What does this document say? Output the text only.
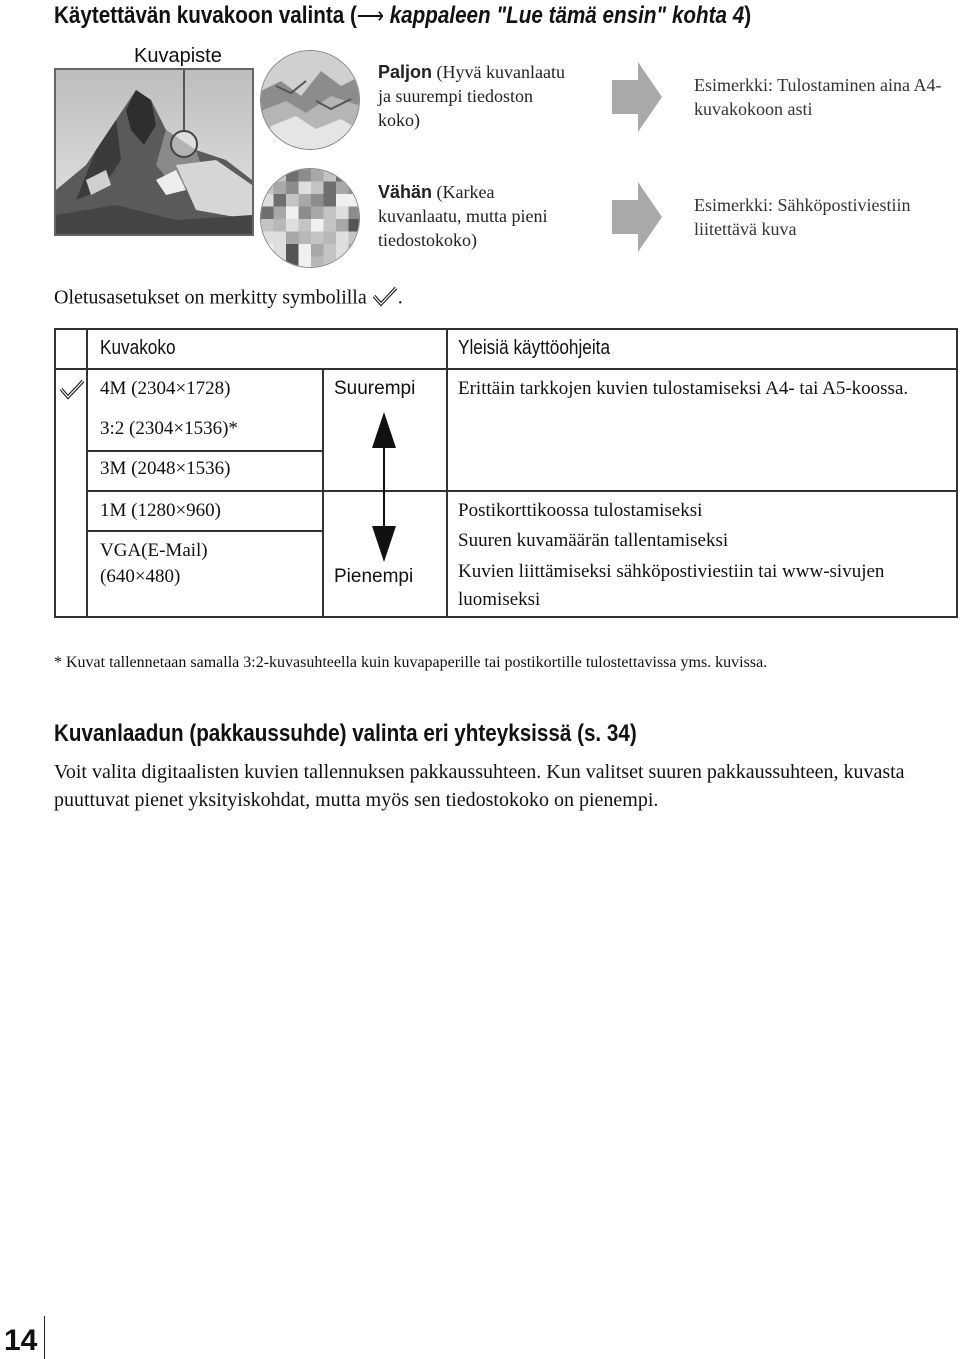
Käytettävän kuvakoon valinta (⟶ kappaleen "Lue tämä ensin" kohta 4)
Kuvapiste
Paljon (Hyvä kuvanlaatu ja suurempi tiedoston koko)
Vähän (Karkea kuvanlaatu, mutta pieni tiedostokoko)
Esimerkki: Tulostaminen aina A4-kuvakokoon asti
Esimerkki: Sähköpostiviestiin liitettävä kuva
Oletusasetukset on merkitty symbolilla .
Kuvakoko	Yleisiä käyttöohjeita
4M (2304×1728)
3:2 (2304×1536)*
3M (2048×1536)
1M (1280×960)
VGA(E-Mail)
(640×480)
Suurempi
Pienempi
Erittäin tarkkojen kuvien tulostamiseksi A4- tai A5-koossa.
Postikorttikoossa tulostamiseksi
Suuren kuvamäärän tallentamiseksi
Kuvien liittämiseksi sähköpostiviestiin tai www-sivujen luomiseksi
* Kuvat tallennetaan samalla 3:2-kuvasuhteella kuin kuvapaperille tai postikortille tulostettavissa yms. kuvissa.
Kuvanlaadun (pakkaussuhde) valinta eri yhteyksissä (s. 34)
Voit valita digitaalisten kuvien tallennuksen pakkaussuhteen. Kun valitset suuren pakkaussuhteen, kuvasta puuttuvat pienet yksityiskohdat, mutta myös sen tiedostokoko on pienempi.
14
